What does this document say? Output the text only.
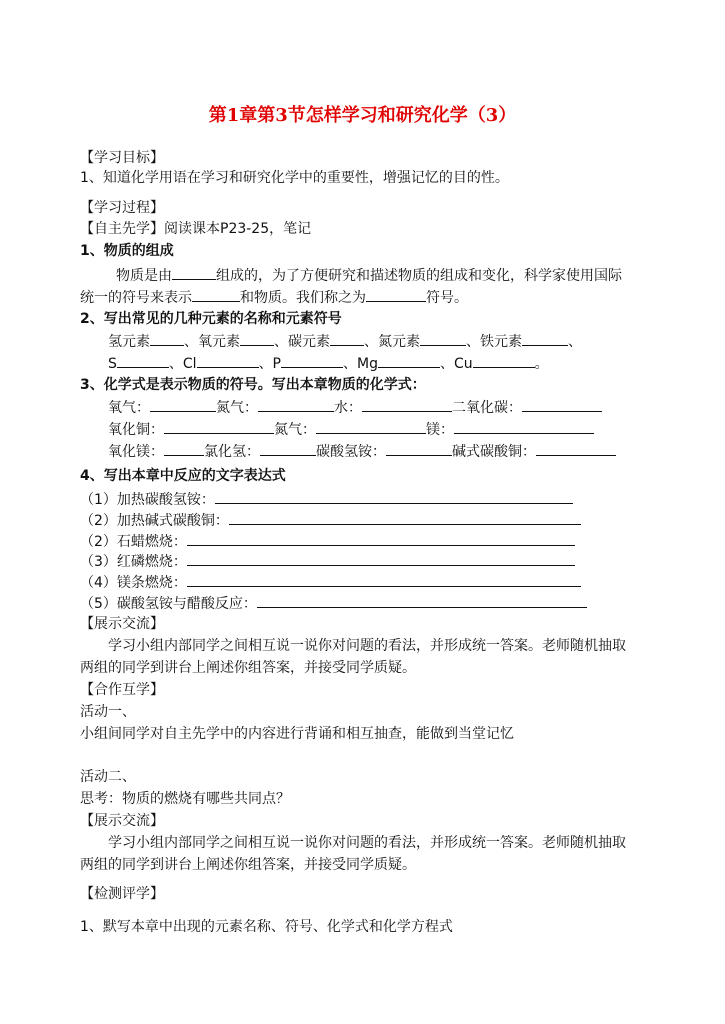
第1章第3节怎样学习和研究化学（3）
【学习目标】
1、知道化学用语在学习和研究化学中的重要性，增强记忆的目的性。
【学习过程】
【自主先学】阅读课本P23-25，笔记
1、物质的组成
物质是由	组成的，为了方便研究和描述物质的组成和变化，科学家使用国际
统一的符号来表示	和物质。我们称之为	符号。
2、写出常见的几种元素的名称和元素符号
氢元素 、氧元素 、碳元素 、氮元素	、铁元素	、
S	、Cl	、P	、Mg	、Cu	。
3、化学式是表示物质的符号。写出本章物质的化学式：
氧气：	氮气：	水：	二氧化碳：
氧化铜：	氮气：	镁：
氧化镁：	氯化氢：	碳酸氢铵：	碱式碳酸铜：
4、写出本章中反应的文字表达式
（1）加热碳酸氢铵：
（2）加热碱式碳酸铜：
（2）石蜡燃烧：
（3）红磷燃烧：
（4）镁条燃烧：
（5）碳酸氢铵与醋酸反应：
【展示交流】
学习小组内部同学之间相互说一说你对问题的看法，并形成统一答案。老师随机抽取
两组的同学到讲台上阐述你组答案，并接受同学质疑。
【合作互学】
活动一、
小组间同学对自主先学中的内容进行背诵和相互抽查，能做到当堂记忆
活动二、
思考：物质的燃烧有哪些共同点？
【展示交流】
学习小组内部同学之间相互说一说你对问题的看法，并形成统一答案。老师随机抽取
两组的同学到讲台上阐述你组答案，并接受同学质疑。
【检测评学】
1、默写本章中出现的元素名称、符号、化学式和化学方程式
